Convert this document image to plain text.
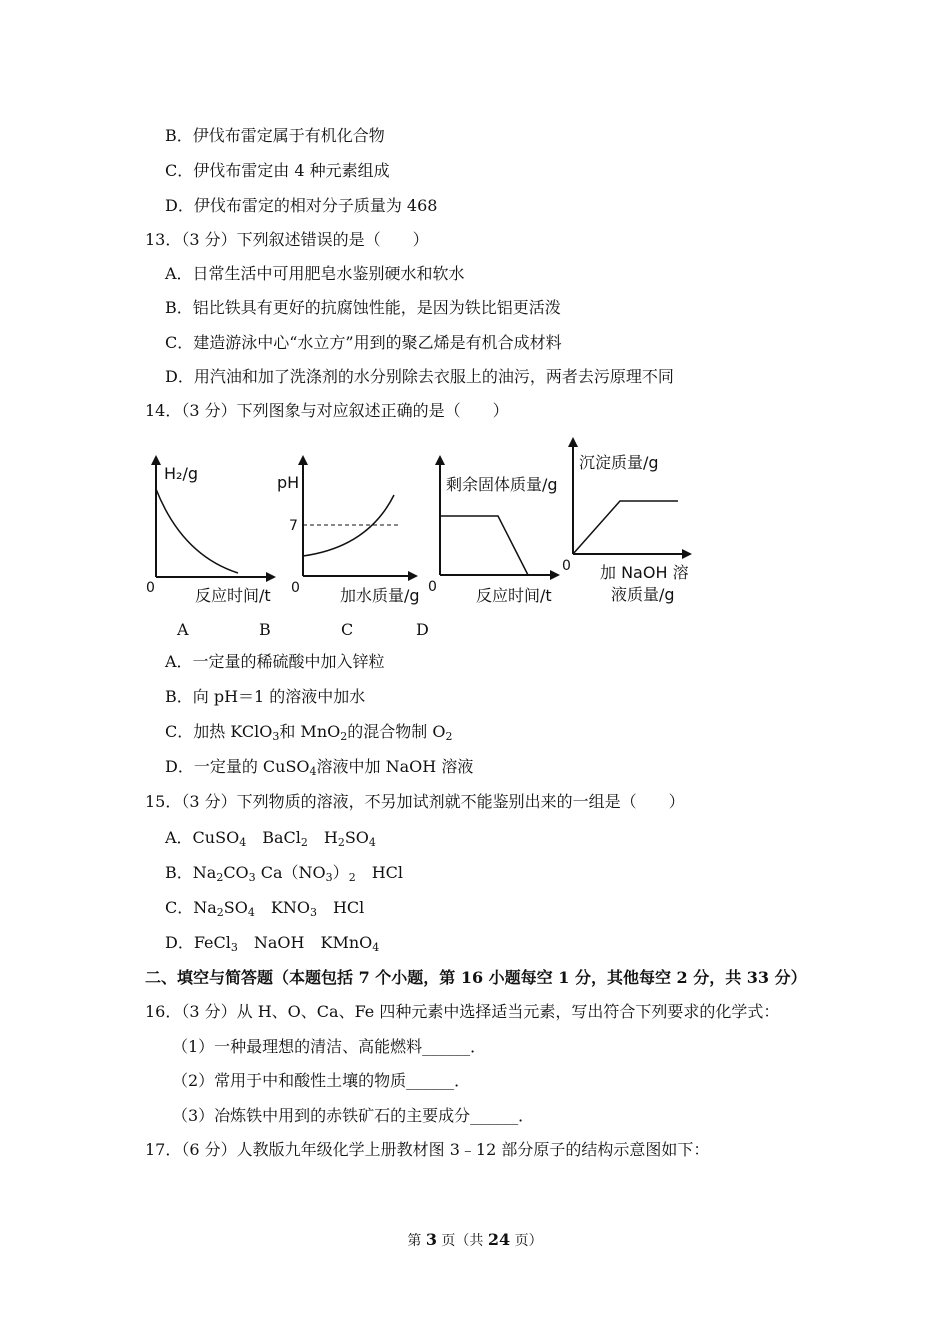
B．伊伐布雷定属于有机化合物
C．伊伐布雷定由 4 种元素组成
D．伊伐布雷定的相对分子质量为 468
13．（3 分）下列叙述错误的是（　　）
A．日常生活中可用肥皂水鉴别硬水和软水
B．铝比铁具有更好的抗腐蚀性能，是因为铁比铝更活泼
C．建造游泳中心“水立方”用到的聚乙烯是有机合成材料
D．用汽油和加了洗涤剂的水分别除去衣服上的油污，两者去污原理不同
14．（3 分）下列图象与对应叙述正确的是（　　）
H₂/g
0	反应时间/t
pH
7
0	加水质量/g
剩余固体质量/g
0 反应时间/t
沉淀质量/g
0 加 NaOH 溶
液质量/g
A	B	C	D
A．一定量的稀硫酸中加入锌粒
B．向 pH＝1 的溶液中加水
C．加热 KClO$_3$和 MnO$_2$的混合物制 $O_2$
D．一定量的 CuSO$_4$溶液中加 NaOH 溶液
15．（3 分）下列物质的溶液，不另加试剂就不能鉴别出来的一组是（　　）
A．CuSO$_4$　BaCl$_2$　$H_2SO_4$
B．$Na_2CO_3$ $Ca(NO_3)_2$　HCl
C．$Na_2SO_4$　$KNO_3$　HCl
D．FeCl$_3$　NaOH　KMnO$_4$
二、填空与简答题（本题包括 7 个小题，第 16 小题每空 1 分，其他每空 2 分，共 33 分）
16．（3 分）从 H、O、Ca、Fe 四种元素中选择适当元素，写出符合下列要求的化学式：
（1）一种最理想的清洁、高能燃料______．
（2）常用于中和酸性土壤的物质______．
（3）冶炼铁中用到的赤铁矿石的主要成分______．
17．（6 分）人教版九年级化学上册教材图 3﹣12 部分原子的结构示意图如下：
第 3 页（共 24 页）
